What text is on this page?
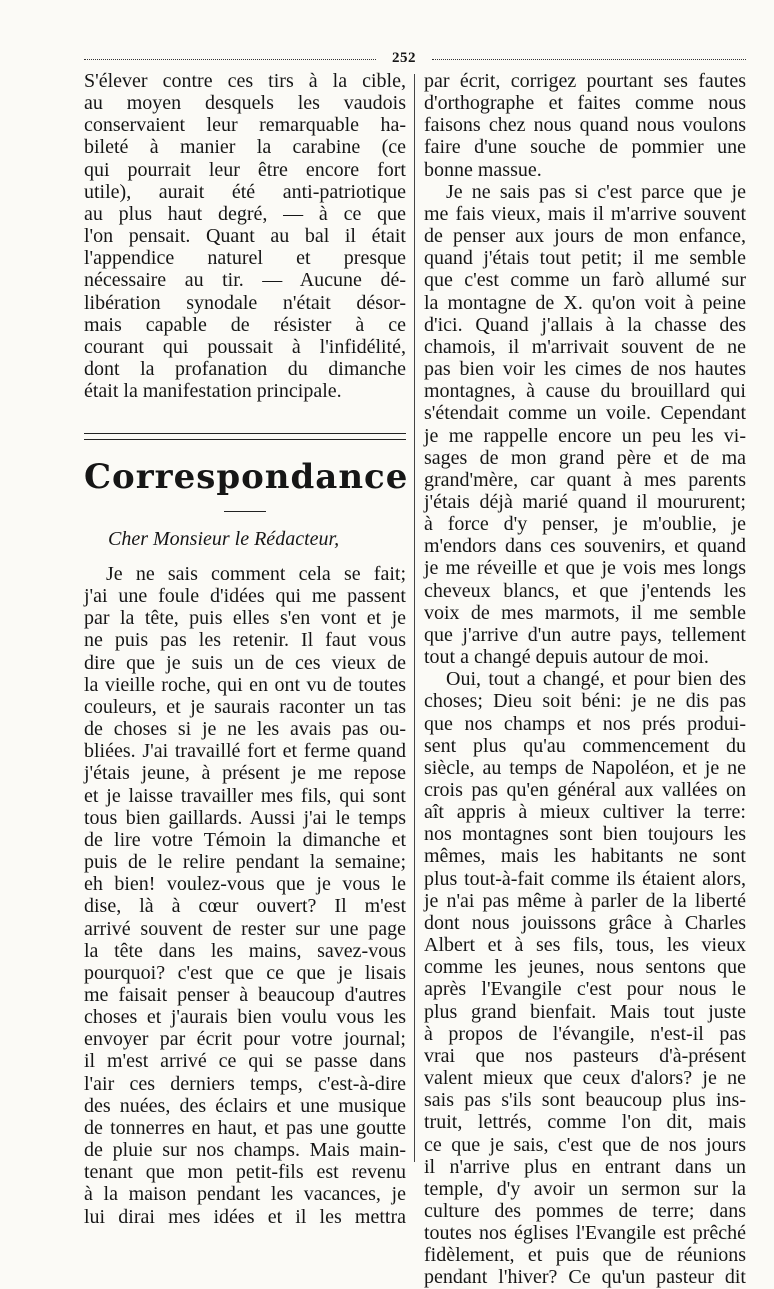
252
S'élever contre ces tirs à la cible,
au moyen desquels les vaudois
conservaient leur remarquable ha-
bileté à manier la carabine (ce
qui pourrait leur être encore fort
utile), aurait été anti-patriotique
au plus haut degré, — à ce que
l'on pensait. Quant au bal il était
l'appendice naturel et presque
nécessaire au tir. — Aucune dé-
libération synodale n'était désor-
mais capable de résister à ce
courant qui poussait à l'infidélité,
dont la profanation du dimanche
était la manifestation principale.
Correspondance
Cher Monsieur le Rédacteur,
Je ne sais comment cela se fait;
j'ai une foule d'idées qui me passent
par la tête, puis elles s'en vont et je
ne puis pas les retenir. Il faut vous
dire que je suis un de ces vieux de
la vieille roche, qui en ont vu de toutes
couleurs, et je saurais raconter un tas
de choses si je ne les avais pas ou-
bliées. J'ai travaillé fort et ferme quand
j'étais jeune, à présent je me repose
et je laisse travailler mes fils, qui sont
tous bien gaillards. Aussi j'ai le temps
de lire votre Témoin la dimanche et
puis de le relire pendant la semaine;
eh bien! voulez-vous que je vous le
dise, là à cœur ouvert? Il m'est
arrivé souvent de rester sur une page
la tête dans les mains, savez-vous
pourquoi? c'est que ce que je lisais
me faisait penser à beaucoup d'autres
choses et j'aurais bien voulu vous les
envoyer par écrit pour votre journal;
il m'est arrivé ce qui se passe dans
l'air ces derniers temps, c'est-à-dire
des nuées, des éclairs et une musique
de tonnerres en haut, et pas une goutte
de pluie sur nos champs. Mais main-
tenant que mon petit-fils est revenu
à la maison pendant les vacances, je
lui dirai mes idées et il les mettra
par écrit, corrigez pourtant ses fautes
d'orthographe et faites comme nous
faisons chez nous quand nous voulons
faire d'une souche de pommier une
bonne massue.
Je ne sais pas si c'est parce que je
me fais vieux, mais il m'arrive souvent
de penser aux jours de mon enfance,
quand j'étais tout petit; il me semble
que c'est comme un farò allumé sur
la montagne de X. qu'on voit à peine
d'ici. Quand j'allais à la chasse des
chamois, il m'arrivait souvent de ne
pas bien voir les cimes de nos hautes
montagnes, à cause du brouillard qui
s'étendait comme un voile. Cependant
je me rappelle encore un peu les vi-
sages de mon grand père et de ma
grand'mère, car quant à mes parents
j'étais déjà marié quand il moururent;
à force d'y penser, je m'oublie, je
m'endors dans ces souvenirs, et quand
je me réveille et que je vois mes longs
cheveux blancs, et que j'entends les
voix de mes marmots, il me semble
que j'arrive d'un autre pays, tellement
tout a changé depuis autour de moi.
Oui, tout a changé, et pour bien des
choses; Dieu soit béni: je ne dis pas
que nos champs et nos prés produi-
sent plus qu'au commencement du
siècle, au temps de Napoléon, et je ne
crois pas qu'en général aux vallées on
aît appris à mieux cultiver la terre:
nos montagnes sont bien toujours les
mêmes, mais les habitants ne sont
plus tout-à-fait comme ils étaient alors,
je n'ai pas même à parler de la liberté
dont nous jouissons grâce à Charles
Albert et à ses fils, tous, les vieux
comme les jeunes, nous sentons que
après l'Evangile c'est pour nous le
plus grand bienfait. Mais tout juste
à propos de l'évangile, n'est-il pas
vrai que nos pasteurs d'à-présent
valent mieux que ceux d'alors? je ne
sais pas s'ils sont beaucoup plus ins-
truit, lettrés, comme l'on dit, mais
ce que je sais, c'est que de nos jours
il n'arrive plus en entrant dans un
temple, d'y avoir un sermon sur la
culture des pommes de terre; dans
toutes nos églises l'Evangile est prêché
fidèlement, et puis que de réunions
pendant l'hiver? Ce qu'un pasteur dit
